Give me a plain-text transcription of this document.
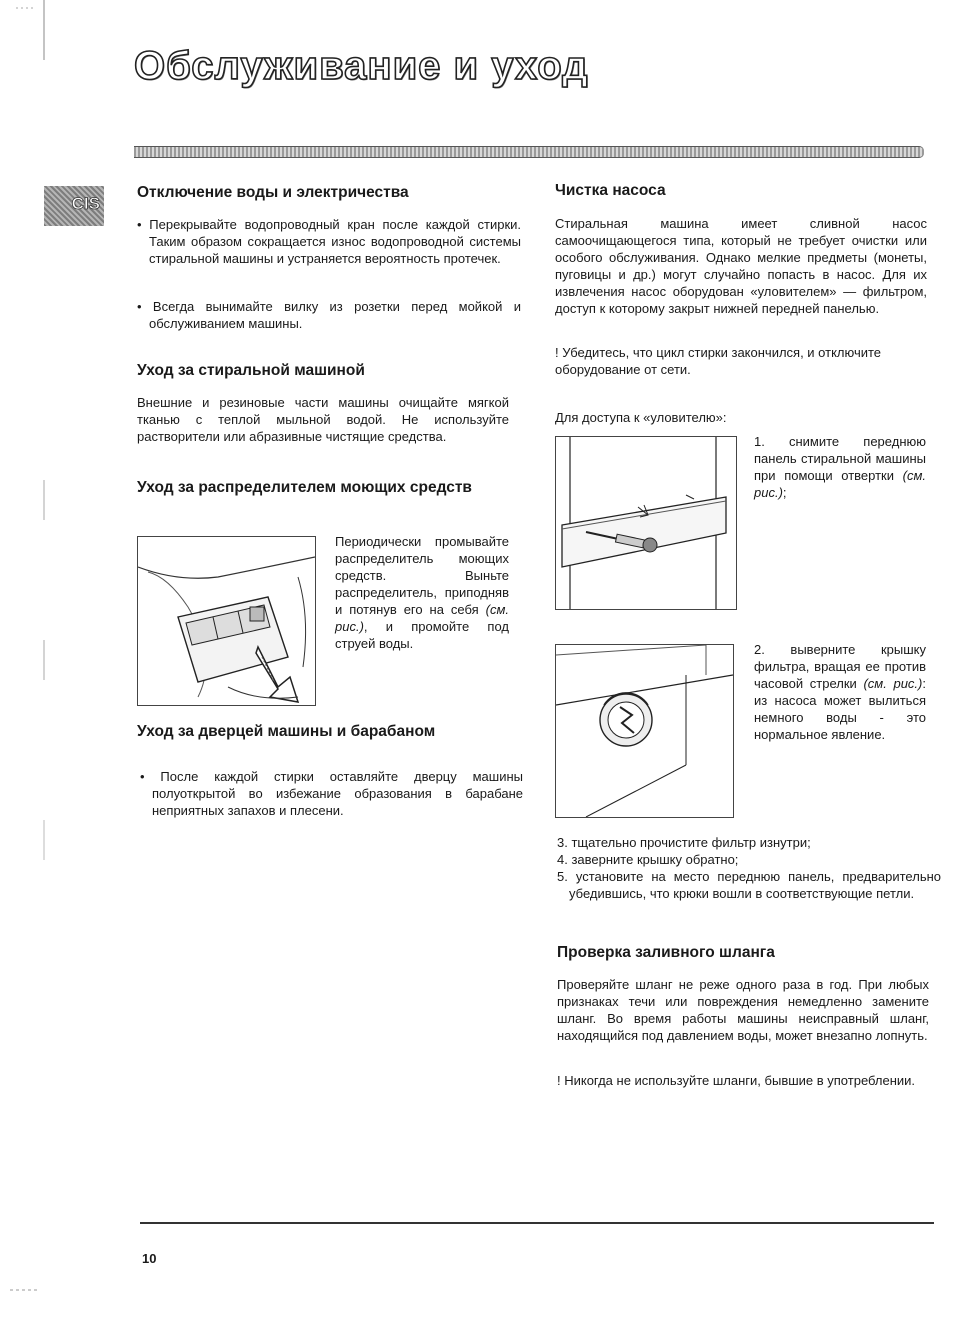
Обслуживание и уход
CIS
Отключение воды и электричества
• Перекрывайте водопроводный кран после каждой стирки. Таким образом сокращается износ водопроводной системы стиральной машины и устраняется вероятность протечек.
• Всегда вынимайте вилку из розетки перед мойкой и обслуживанием машины.
Уход за стиральной машиной
Внешние и резиновые части машины очищайте мягкой тканью с теплой мыльной водой. Не используйте растворители или абразивные чистящие средства.
Уход за распределителем моющих средств
Периодически промывайте распределитель моющих средств. Выньте распределитель, приподняв и потянув его на себя (см. рис.), и промойте под струей воды.
Уход за дверцей машины и барабаном
• После каждой стирки оставляйте дверцу машины полуоткрытой во избежание образования в барабане неприятных запахов и плесени.
Чистка насоса
Стиральная машина имеет сливной насос самоочищающегося типа, который не требует очистки или особого обслуживания. Однако мелкие предметы (монеты, пуговицы и др.) могут случайно попасть в насос. Для их извлечения насос оборудован «уловителем» — фильтром, доступ к которому закрыт нижней передней панелью.
! Убедитесь, что цикл стирки закончился, и отключите оборудование от сети.
Для доступа к «уловителю»:
1. снимите переднюю панель стиральной машины при помощи отвертки (см. рис.);
2. выверните крышку фильтра, вращая ее против часовой стрелки (см. рис.): из насоса может вылиться немного воды - это нормальное явление.
3. тщательно прочистите фильтр изнутри;
4. заверните крышку обратно;
5. установите на место переднюю панель, предварительно убедившись, что крюки вошли в соответствующие петли.
Проверка заливного шланга
Проверяйте шланг не реже одного раза в год. При любых признаках течи или повреждения немедленно замените шланг. Во время работы машины неисправный шланг, находящийся под давлением воды, может внезапно лопнуть.
! Никогда не используйте шланги, бывшие в употреблении.
10
